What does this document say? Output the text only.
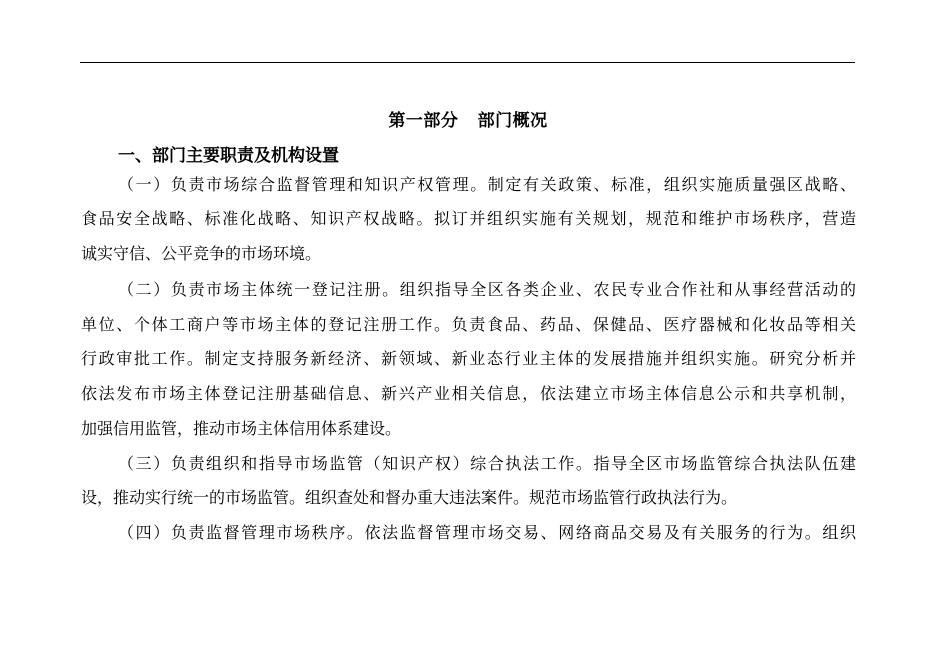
第一部分   部门概况
一、部门主要职责及机构设置
（一）负责市场综合监督管理和知识产权管理。制定有关政策、标准，组织实施质量强区战略、
食品安全战略、标准化战略、知识产权战略。拟订并组织实施有关规划，规范和维护市场秩序，营造
诚实守信、公平竞争的市场环境。
（二）负责市场主体统一登记注册。组织指导全区各类企业、农民专业合作社和从事经营活动的
单位、个体工商户等市场主体的登记注册工作。负责食品、药品、保健品、医疗器械和化妆品等相关
行政审批工作。制定支持服务新经济、新领域、新业态行业主体的发展措施并组织实施。研究分析并
依法发布市场主体登记注册基础信息、新兴产业相关信息，依法建立市场主体信息公示和共享机制，
加强信用监管，推动市场主体信用体系建设。
（三）负责组织和指导市场监管（知识产权）综合执法工作。指导全区市场监管综合执法队伍建
设，推动实行统一的市场监管。组织查处和督办重大违法案件。规范市场监管行政执法行为。
（四）负责监督管理市场秩序。依法监督管理市场交易、网络商品交易及有关服务的行为。组织
